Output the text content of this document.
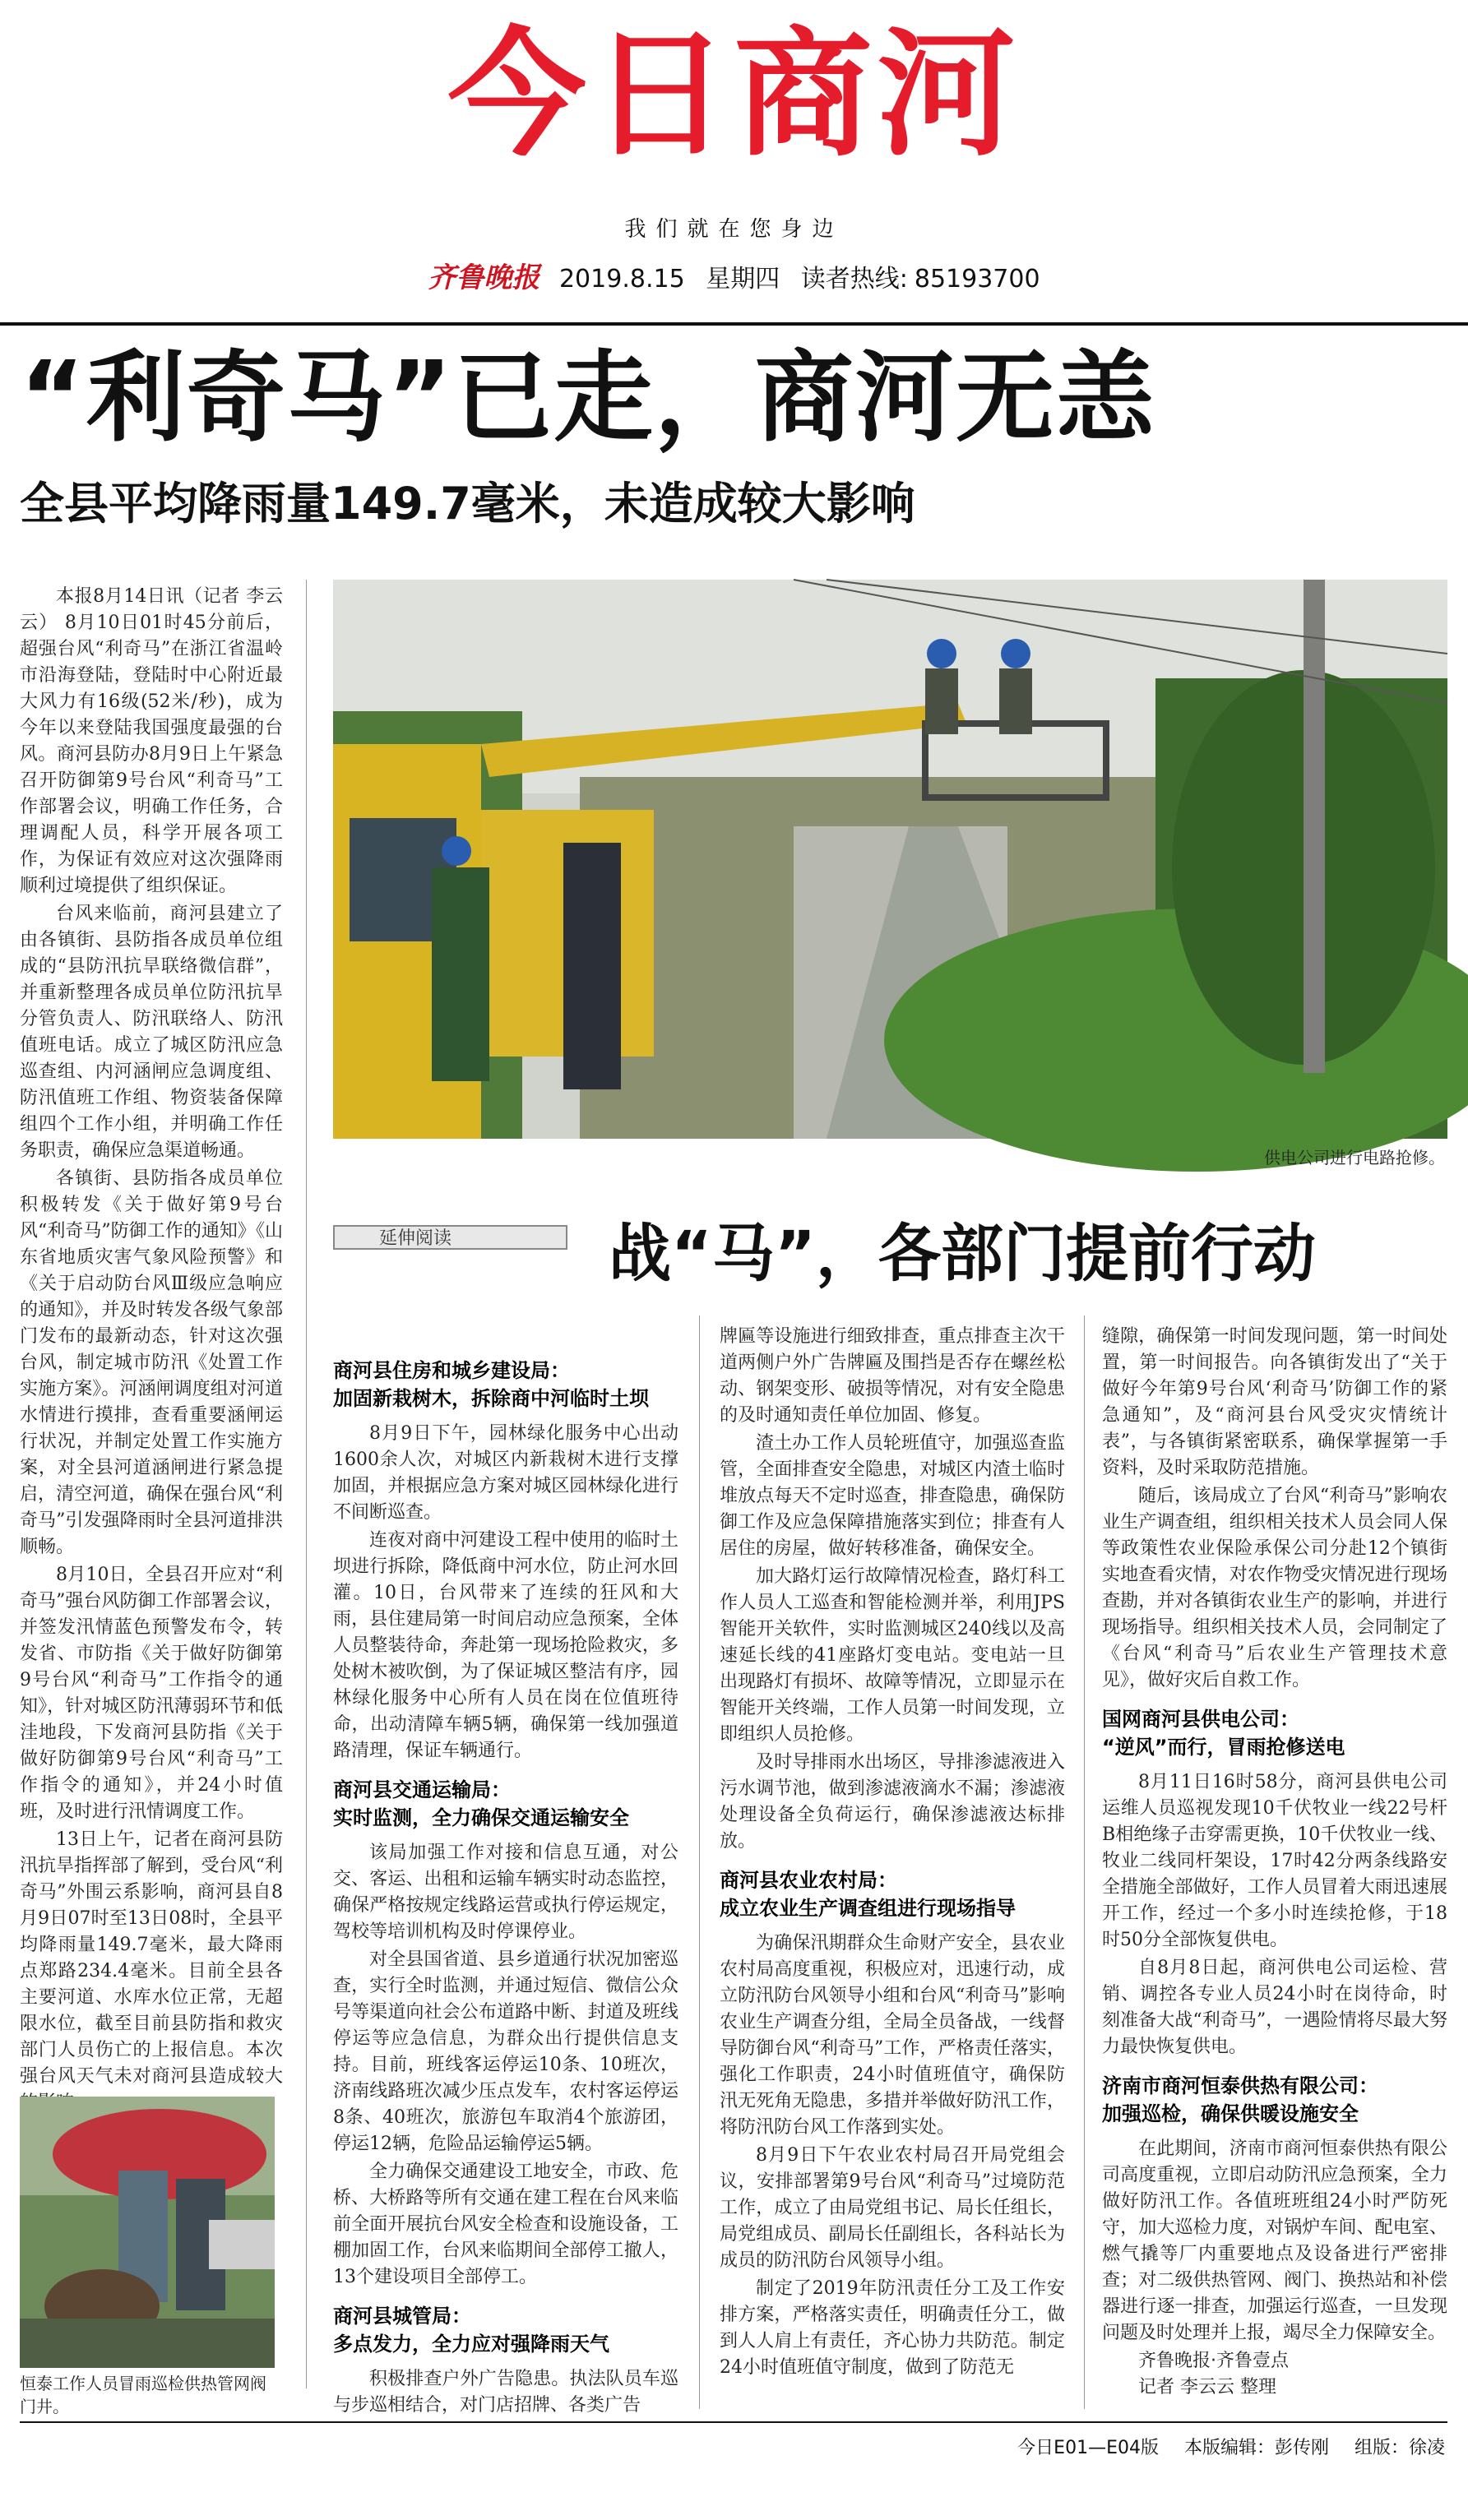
今日商河
我们就在您身边
齐鲁晚报 2019.8.15 星期四 读者热线: 85193700
“利奇马”已走，商河无恙
全县平均降雨量149.7毫米，未造成较大影响

本报8月14日讯（记者 李云云） 8月10日01时45分前后，超强台风“利奇马”在浙江省温岭市沿海登陆，登陆时中心附近最大风力有16级(52米/秒)，成为今年以来登陆我国强度最强的台风。商河县防办8月9日上午紧急召开防御第9号台风“利奇马”工作部署会议，明确工作任务，合理调配人员，科学开展各项工作，为保证有效应对这次强降雨顺利过境提供了组织保证。

台风来临前，商河县建立了由各镇街、县防指各成员单位组成的“县防汛抗旱联络微信群”，并重新整理各成员单位防汛抗旱分管负责人、防汛联络人、防汛值班电话。成立了城区防汛应急巡查组、内河涵闸应急调度组、防汛值班工作组、物资装备保障组四个工作小组，并明确工作任务职责，确保应急渠道畅通。

各镇街、县防指各成员单位积极转发《关于做好第9号台风“利奇马”防御工作的通知》《山东省地质灾害气象风险预警》和《关于启动防台风Ⅲ级应急响应的通知》，并及时转发各级气象部门发布的最新动态，针对这次强台风，制定城市防汛《处置工作实施方案》。河涵闸调度组对河道水情进行摸排，查看重要涵闸运行状况，并制定处置工作实施方案，对全县河道涵闸进行紧急提启，清空河道，确保在强台风“利奇马”引发强降雨时全县河道排洪顺畅。

8月10日，全县召开应对“利奇马”强台风防御工作部署会议，并签发汛情蓝色预警发布令，转发省、市防指《关于做好防御第9号台风“利奇马”工作指令的通知》，针对城区防汛薄弱环节和低洼地段，下发商河县防指《关于做好防御第9号台风“利奇马”工作指令的通知》，并24小时值班，及时进行汛情调度工作。

13日上午，记者在商河县防汛抗旱指挥部了解到，受台风“利奇马”外围云系影响，商河县自8月9日07时至13日08时，全县平均降雨量149.7毫米，最大降雨点郑路234.4毫米。目前全县各主要河道、水库水位正常，无超限水位，截至目前县防指和救灾部门人员伤亡的上报信息。本次强台风天气未对商河县造成较大

供电公司进行电路抢修。
延伸阅读	战“马”，各部门提前行动
商河县住房和城乡建设局：
加固新栽树木，拆除商中河临时土坝

8月9日下午，园林绿化服务中心出动1600余人次，对城区内新栽树木进行支撑加固，并根据应急方案对城区园林绿化进行不间断巡查。

连夜对商中河建设工程中使用的临时土坝进行拆除，降低商中河水位，防止河水回灌。10日，台风带来了连续的狂风和大雨，县住建局第一时间启动应急预案，全体人员整装待命，奔赴第一现场抢险救灾，多处树木被吹倒，为了保证城区整洁有序，园林绿化服务中心所有人员在岗在位值班待命，出动清障车辆5辆，确保第一线加强道路清理，保证车辆通行。

商河县交通运输局：
实时监测，全力确保交通运输安全

该局加强工作对接和信息互通，对公交、客运、出租和运输车辆实时动态监控，确保严格按规定线路运营或执行停运规定，驾校等培训机构及时停课停业。

对全县国省道、县乡道通行状况加密巡查，实行全时监测，并通过短信、微信公众号等渠道向社会公布道路中断、封道及班线停运等应急信息，为群众出行提供信息支持。目前，班线客运停运10条、10班次，济南线路班次减少压点发车，农村客运停运8条、40班次，旅游包车取消4个旅游团，停运12辆，危险品运输停运5辆。

全力确保交通建设工地安全，市政、危桥、大桥路等所有交通在建工程在台风来临前全面开展抗台风安全检查和设施设备，工棚加固工作，台风来临期间全部停工撤人，13个建设项目全部停工。

商河县城管局：
多点发力，全力应对强降雨天气

积极排查户外广告隐患。执法队员车巡与步巡相结合，对门店招牌、各类广告

牌匾等设施进行细致排查，重点排查主次干道两侧户外广告牌匾及围挡是否存在螺丝松动、钢架变形、破损等情况，对有安全隐患的及时通知责任单位加固、修复。

渣土办工作人员轮班值守，加强巡查监管，全面排查安全隐患，对城区内渣土临时堆放点每天不定时巡查，排查隐患，确保防御工作及应急保障措施落实到位；排查有人居住的房屋，做好转移准备，确保安全。

加大路灯运行故障情况检查，路灯科工作人员人工巡查和智能检测并举，利用JPS智能开关软件，实时监测城区240线以及高速延长线的41座路灯变电站。变电站一旦出现路灯有损坏、故障等情况，立即显示在智能开关终端，工作人员第一时间发现，立即组织人员抢修。

及时导排雨水出场区，导排渗滤液进入污水调节池，做到渗滤液滴水不漏；渗滤液处理设备全负荷运行，确保渗滤液达标排放。

商河县农业农村局：
成立农业生产调查组进行现场指导

为确保汛期群众生命财产安全，县农业农村局高度重视，积极应对，迅速行动，成立防汛防台风领导小组和台风“利奇马”影响农业生产调查分组，全局全员备战，一线督导防御台风“利奇马”工作，严格责任落实，强化工作职责，24小时值班值守，确保防汛无死角无隐患，多措并举做好防汛工作，将防汛防台风工作落到实处。

8月9日下午农业农村局召开局党组会议，安排部署第9号台风“利奇马”过境防范工作，成立了由局党组书记、局长任组长，局党组成员、副局长任副组长，各科站长为成员的防汛防台风领导小组。

制定了2019年防汛责任分工及工作安排方案，严格落实责任，明确责任分工，做到人人肩上有责任，齐心协力共防范。制定24小时值班值守制度，做到了防范无

缝隙，确保第一时间发现问题，第一时间处置，第一时间报告。向各镇街发出了“关于做好今年第9号台风‘利奇马’防御工作的紧急通知”，及“商河县台风受灾灾情统计表”，与各镇街紧密联系，确保掌握第一手资料，及时采取防范措施。

随后，该局成立了台风“利奇马”影响农业生产调查组，组织相关技术人员会同人保等政策性农业保险承保公司分赴12个镇街实地查看灾情，对农作物受灾情况进行现场查勘，并对各镇街农业生产的影响，并进行现场指导。组织相关技术人员，会同制定了《台风“利奇马”后农业生产管理技术意见》，做好灾后自救工作。

国网商河县供电公司：
“逆风”而行，冒雨抢修送电

8月11日16时58分，商河县供电公司运维人员巡视发现10千伏牧业一线22号杆B相绝缘子击穿需更换，10千伏牧业一线、牧业二线同杆架设，17时42分两条线路安全措施全部做好，工作人员冒着大雨迅速展开工作，经过一个多小时连续抢修，于18时50分全部恢复供电。

自8月8日起，商河供电公司运检、营销、调控各专业人员24小时在岗待命，时刻准备大战“利奇马”，一遇险情将尽最大努力最快恢复供电。

济南市商河恒泰供热有限公司：
加强巡检，确保供暖设施安全

在此期间，济南市商河恒泰供热有限公司高度重视，立即启动防汛应急预案，全力做好防汛工作。各值班班组24小时严防死守，加大巡检力度，对锅炉车间、配电室、燃气撬等厂内重要地点及设备进行严密排查；对二级供热管网、阀门、换热站和补偿器进行逐一排查，加强运行巡查，一旦发现问题及时处理并上报，竭尽全力保障安全。

齐鲁晚报·齐鲁壹点
记者 李云云 整理
恒泰工作人员冒雨巡检供热管网阀门井。
今日E01—E04版 本版编辑：彭传刚 组版：徐凌
